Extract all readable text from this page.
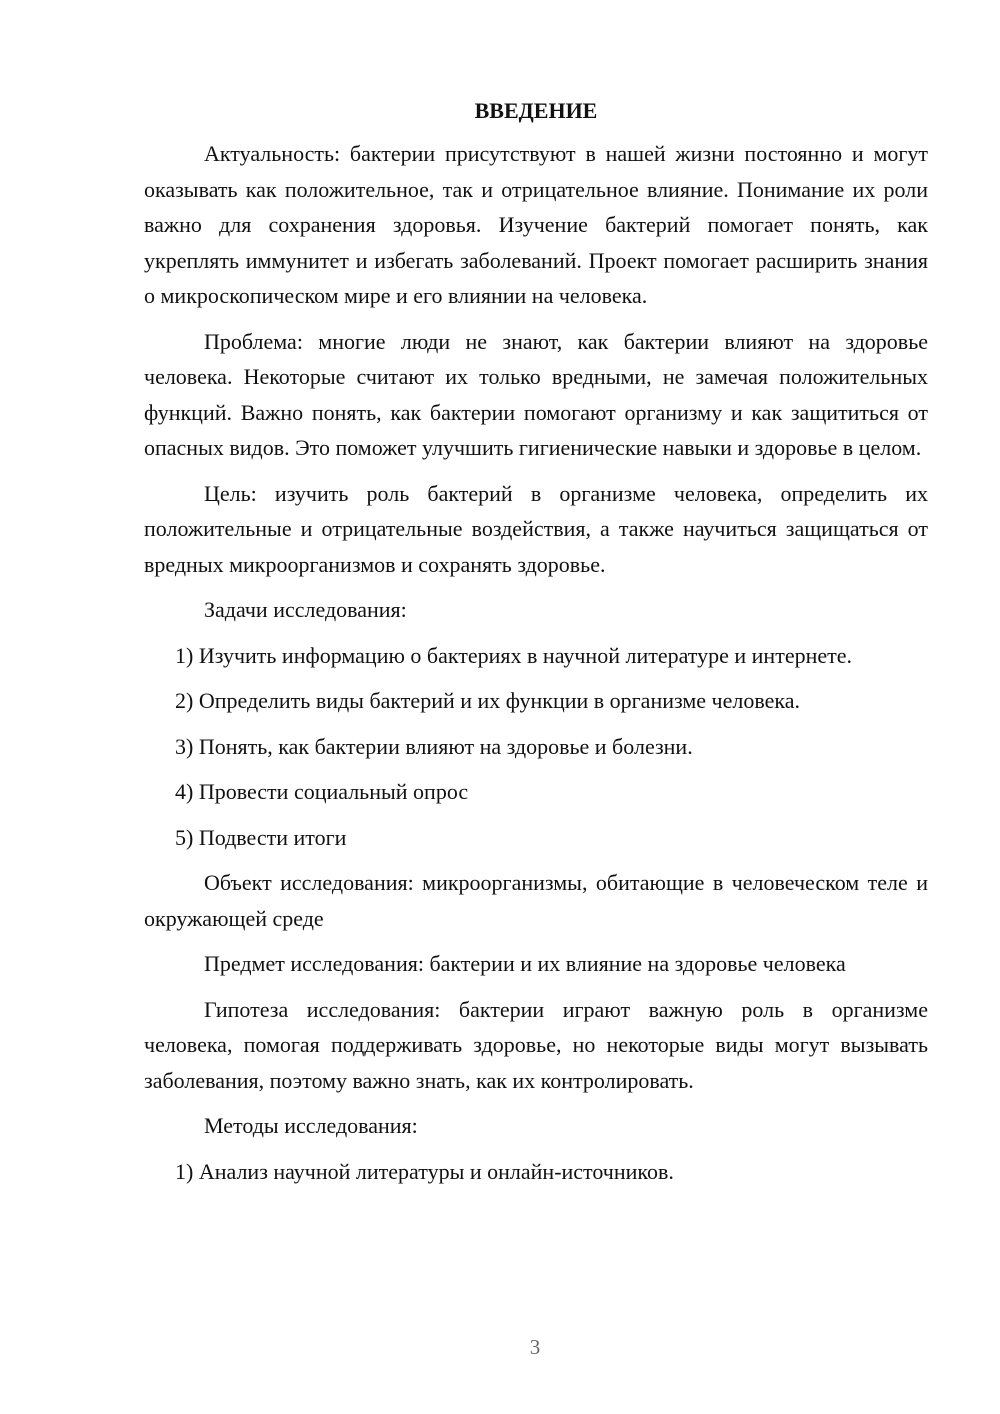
ВВЕДЕНИЕ

Актуальность: бактерии присутствуют в нашей жизни постоянно и могут оказывать как положительное, так и отрицательное влияние. Понимание их роли важно для сохранения здоровья. Изучение бактерий помогает понять, как укреплять иммунитет и избегать заболеваний. Проект помогает расширить знания о микроскопическом мире и его влиянии на человека.

Проблема: многие люди не знают, как бактерии влияют на здоровье человека. Некоторые считают их только вредными, не замечая положительных функций. Важно понять, как бактерии помогают организму и как защититься от опасных видов. Это поможет улучшить гигиенические навыки и здоровье в целом.

Цель: изучить роль бактерий в организме человека, определить их положительные и отрицательные воздействия, а также научиться защищаться от вредных микроорганизмов и сохранять здоровье.

Задачи исследования:

1) Изучить информацию о бактериях в научной литературе и интернете.

2) Определить виды бактерий и их функции в организме человека.

3) Понять, как бактерии влияют на здоровье и болезни.

4) Провести социальный опрос

5) Подвести итоги

Объект исследования: микроорганизмы, обитающие в человеческом теле и окружающей среде

Предмет исследования: бактерии и их влияние на здоровье человека

Гипотеза исследования: бактерии играют важную роль в организме человека, помогая поддерживать здоровье, но некоторые виды могут вызывать заболевания, поэтому важно знать, как их контролировать.

Методы исследования:

1) Анализ научной литературы и онлайн-источников.

3
